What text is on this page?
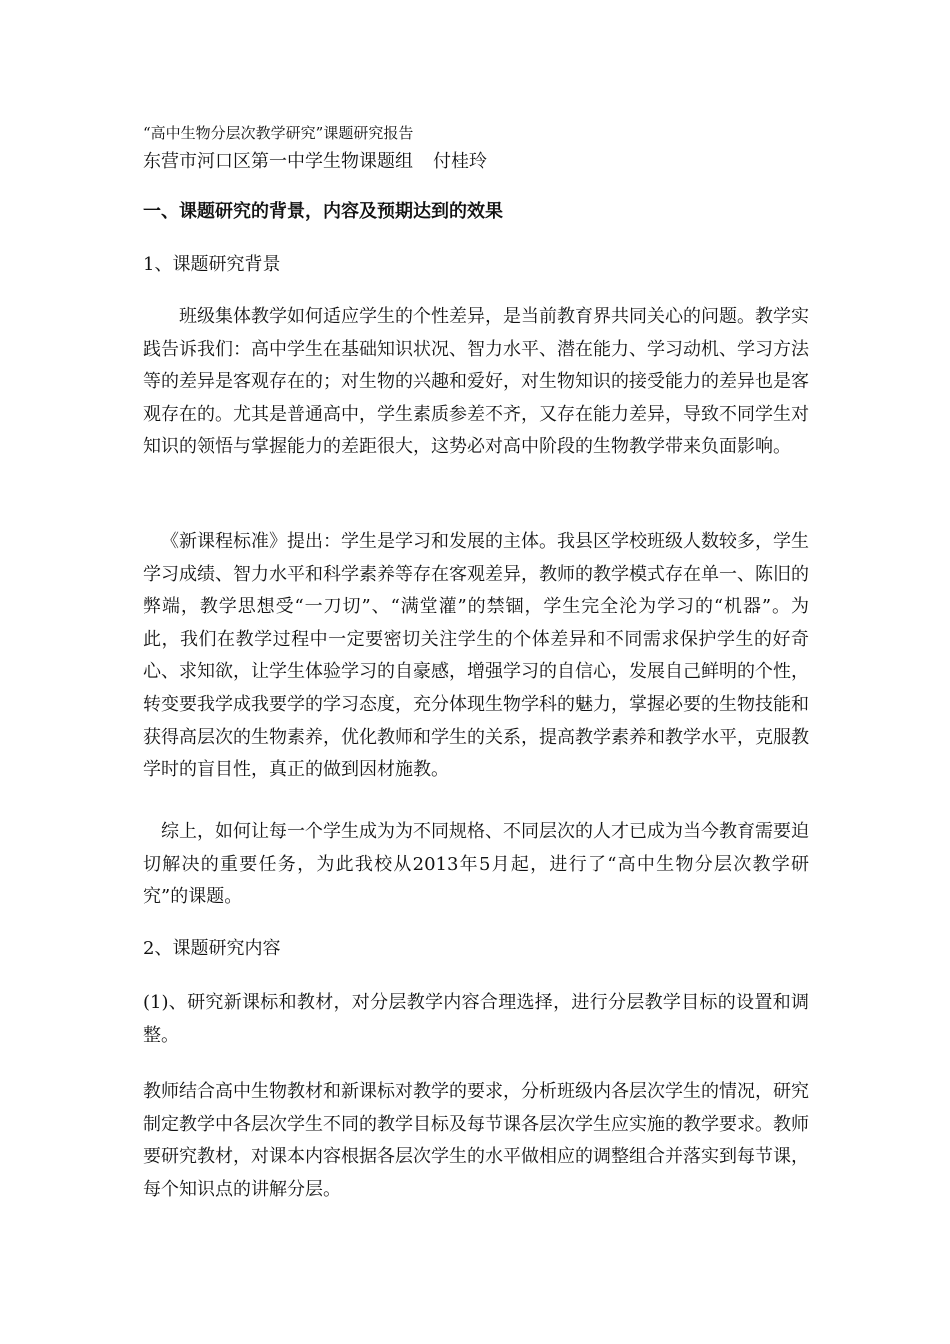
“高中生物分层次教学研究”课题研究报告

东营市河口区第一中学生物课题组 付桂玲

一、课题研究的背景，内容及预期达到的效果

1、课题研究背景

班级集体教学如何适应学生的个性差异，是当前教育界共同关心的问题。教学实践告诉我们：高中学生在基础知识状况、智力水平、潜在能力、学习动机、学习方法等的差异是客观存在的；对生物的兴趣和爱好，对生物知识的接受能力的差异也是客观存在的。尤其是普通高中，学生素质参差不齐，又存在能力差异，导致不同学生对知识的领悟与掌握能力的差距很大，这势必对高中阶段的生物教学带来负面影响。

《新课程标准》提出：学生是学习和发展的主体。我县区学校班级人数较多，学生学习成绩、智力水平和科学素养等存在客观差异，教师的教学模式存在单一、陈旧的弊端，教学思想受“一刀切”、“满堂灌”的禁锢，学生完全沦为学习的“机器”。为此，我们在教学过程中一定要密切关注学生的个体差异和不同需求保护学生的好奇心、求知欲，让学生体验学习的自豪感，增强学习的自信心，发展自己鲜明的个性，转变要我学成我要学的学习态度，充分体现生物学科的魅力，掌握必要的生物技能和获得高层次的生物素养，优化教师和学生的关系，提高教学素养和教学水平，克服教学时的盲目性，真正的做到因材施教。

综上，如何让每一个学生成为为不同规格、不同层次的人才已成为当今教育需要迫切解决的重要任务，为此我校从2013年5月起，进行了“高中生物分层次教学研究”的课题。

2、课题研究内容

(1)、研究新课标和教材，对分层教学内容合理选择，进行分层教学目标的设置和调整。

教师结合高中生物教材和新课标对教学的要求，分析班级内各层次学生的情况，研究制定教学中各层次学生不同的教学目标及每节课各层次学生应实施的教学要求。教师要研究教材，对课本内容根据各层次学生的水平做相应的调整组合并落实到每节课，每个知识点的讲解分层。
